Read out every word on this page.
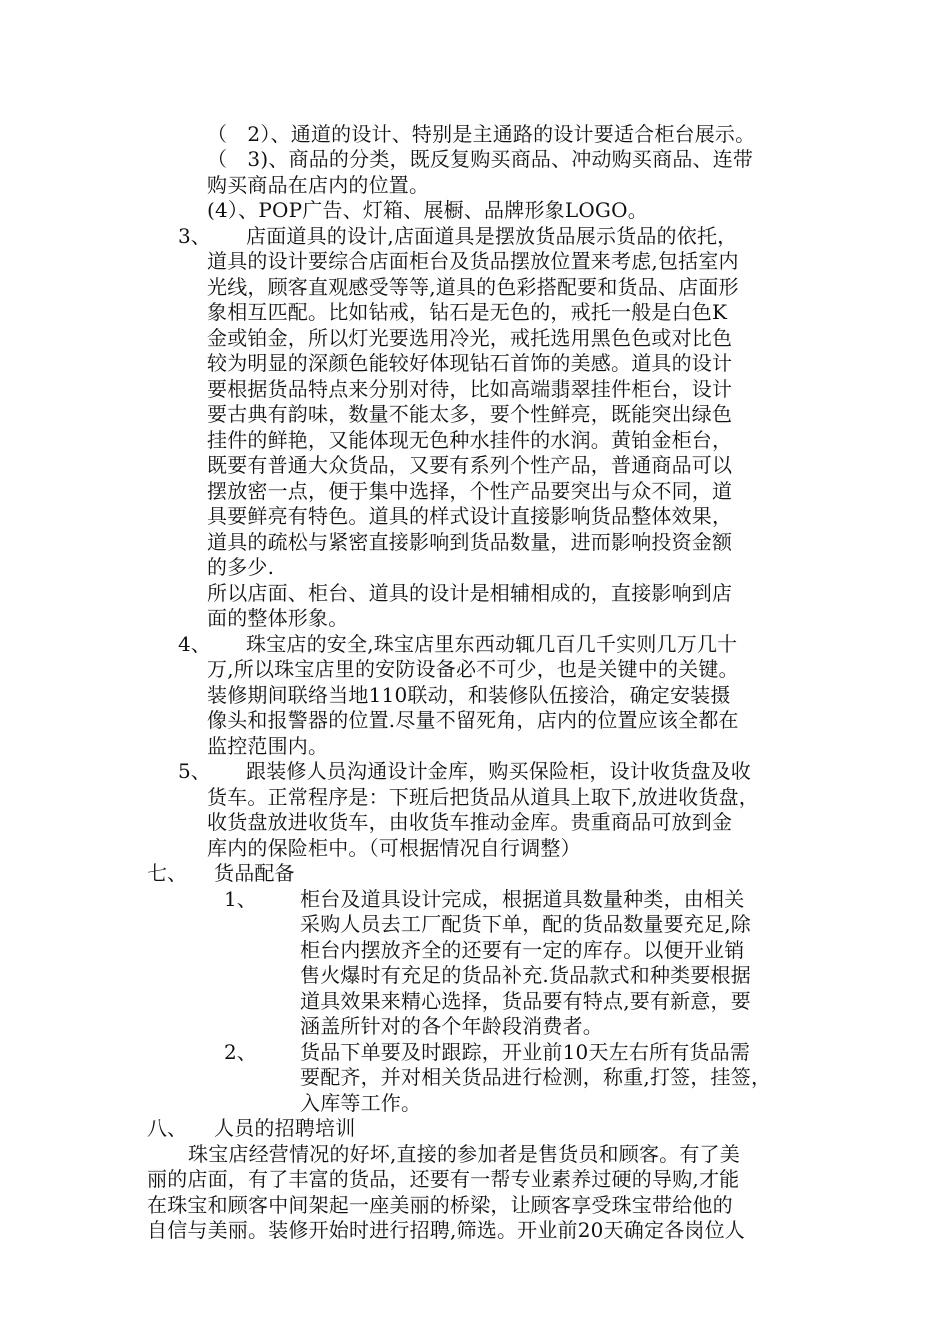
（　2）、通道的设计、特别是主通路的设计要适合柜台展示。
（　3)、商品的分类，既反复购买商品、冲动购买商品、连带
购买商品在店内的位置。
(4）、POP广告、灯箱、展橱、品牌形象LOGO。
3、 店面道具的设计,店面道具是摆放货品展示货品的依托，
道具的设计要综合店面柜台及货品摆放位置来考虑,包括室内
光线，顾客直观感受等等,道具的色彩搭配要和货品、店面形
象相互匹配。比如钻戒，钻石是无色的，戒托一般是白色K
金或铂金，所以灯光要选用冷光，戒托选用黑色色或对比色
较为明显的深颜色能较好体现钻石首饰的美感。道具的设计
要根据货品特点来分别对待，比如高端翡翠挂件柜台，设计
要古典有韵味，数量不能太多，要个性鲜亮，既能突出绿色
挂件的鲜艳，又能体现无色种水挂件的水润。黄铂金柜台，
既要有普通大众货品，又要有系列个性产品，普通商品可以
摆放密一点，便于集中选择，个性产品要突出与众不同，道
具要鲜亮有特色。道具的样式设计直接影响货品整体效果，
道具的疏松与紧密直接影响到货品数量，进而影响投资金额
的多少.
所以店面、柜台、道具的设计是相辅相成的，直接影响到店
面的整体形象。
4、 珠宝店的安全,珠宝店里东西动辄几百几千实则几万几十
万,所以珠宝店里的安防设备必不可少，也是关键中的关键。
装修期间联络当地110联动，和装修队伍接洽，确定安装摄
像头和报警器的位置.尽量不留死角，店内的位置应该全都在
监控范围内。
5、 跟装修人员沟通设计金库，购买保险柜，设计收货盘及收
货车。正常程序是：下班后把货品从道具上取下,放进收货盘，
收货盘放进收货车，由收货车推动金库。贵重商品可放到金
库内的保险柜中。（可根据情况自行调整）
七、 货品配备
1、 柜台及道具设计完成，根据道具数量种类，由相关
采购人员去工厂配货下单，配的货品数量要充足,除
柜台内摆放齐全的还要有一定的库存。以便开业销
售火爆时有充足的货品补充.货品款式和种类要根据
道具效果来精心选择，货品要有特点,要有新意，要
涵盖所针对的各个年龄段消费者。
2、 货品下单要及时跟踪，开业前10天左右所有货品需
要配齐，并对相关货品进行检测，称重,打签，挂签，
入库等工作。
八、 人员的招聘培训
珠宝店经营情况的好坏,直接的参加者是售货员和顾客。有了美
丽的店面，有了丰富的货品，还要有一帮专业素养过硬的导购,才能
在珠宝和顾客中间架起一座美丽的桥梁，让顾客享受珠宝带给他的
自信与美丽。装修开始时进行招聘,筛选。开业前20天确定各岗位人
